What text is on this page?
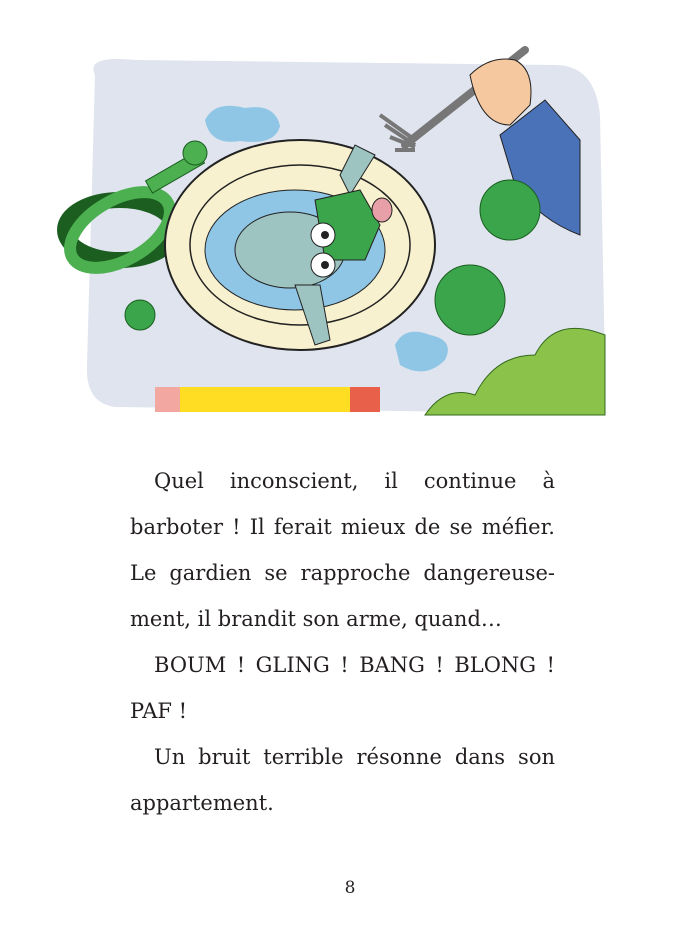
Quel inconscient, il continue à
barboter ! Il ferait mieux de se méfier.
Le gardien se rapproche dangereuse-
ment, il brandit son arme, quand…
BOUM ! GLING ! BANG ! BLONG !
PAF !
Un bruit terrible résonne dans son
appartement.
8
